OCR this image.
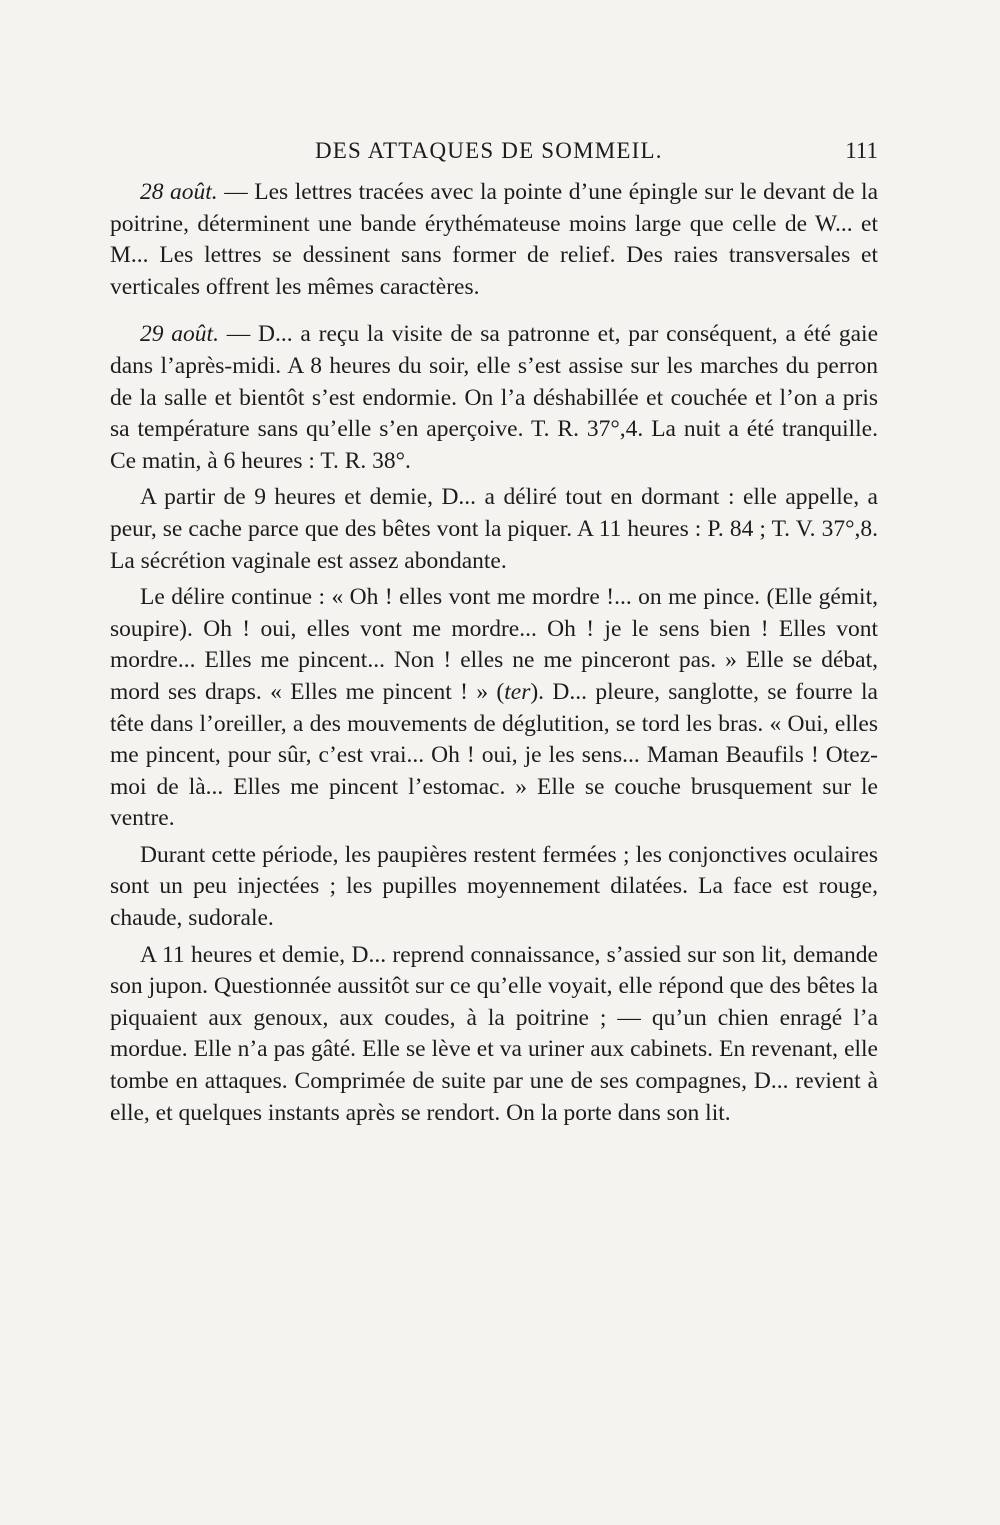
DES ATTAQUES DE SOMMEIL.	111

28 août. — Les lettres tracées avec la pointe d’une épingle sur le devant de la poitrine, déterminent une bande érythémateuse moins large que celle de W... et M... Les lettres se dessinent sans former de relief. Des raies transversales et verticales offrent les mêmes caractères.

29 août. — D... a reçu la visite de sa patronne et, par conséquent, a été gaie dans l’après-midi. A 8 heures du soir, elle s’est assise sur les marches du perron de la salle et bientôt s’est endormie. On l’a déshabillée et couchée et l’on a pris sa température sans qu’elle s’en aperçoive. T. R. 37°,4. La nuit a été tranquille. Ce matin, à 6 heures : T. R. 38°.

A partir de 9 heures et demie, D... a déliré tout en dormant : elle appelle, a peur, se cache parce que des bêtes vont la piquer. A 11 heures : P. 84 ; T. V. 37°,8. La sécrétion vaginale est assez abondante.

Le délire continue : « Oh ! elles vont me mordre !... on me pince. (Elle gémit, soupire). Oh ! oui, elles vont me mordre... Oh ! je le sens bien ! Elles vont mordre... Elles me pincent... Non ! elles ne me pinceront pas. » Elle se débat, mord ses draps. « Elles me pincent ! » (ter). D... pleure, sanglotte, se fourre la tête dans l’oreiller, a des mouvements de déglutition, se tord les bras. « Oui, elles me pincent, pour sûr, c’est vrai... Oh ! oui, je les sens... Maman Beaufils ! Otez-moi de là... Elles me pincent l’estomac. » Elle se couche brusquement sur le ventre.

Durant cette période, les paupières restent fermées ; les conjonctives oculaires sont un peu injectées ; les pupilles moyennement dilatées. La face est rouge, chaude, sudorale.

A 11 heures et demie, D... reprend connaissance, s’assied sur son lit, demande son jupon. Questionnée aussitôt sur ce qu’elle voyait, elle répond que des bêtes la piquaient aux genoux, aux coudes, à la poitrine ; — qu’un chien enragé l’a mordue. Elle n’a pas gâté. Elle se lève et va uriner aux cabinets. En revenant, elle tombe en attaques. Comprimée de suite par une de ses compagnes, D... revient à elle, et quelques instants après se rendort. On la porte dans son lit.
